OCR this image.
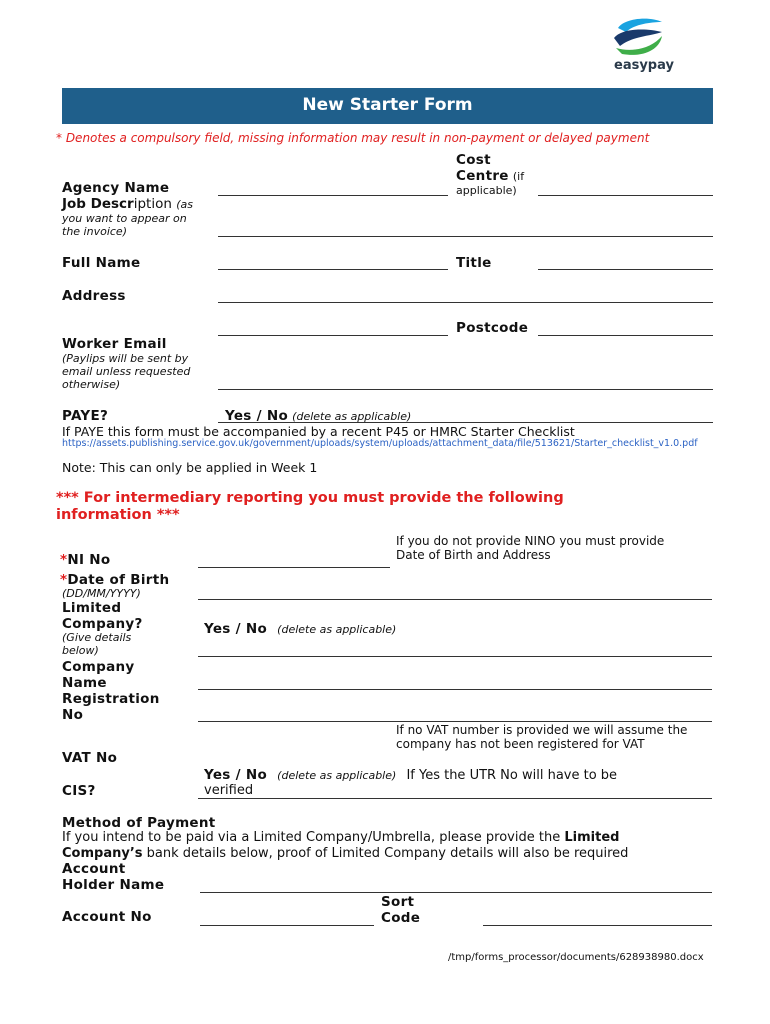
easypay
New Starter Form
* Denotes a compulsory field, missing information may result in non-payment or delayed payment
Agency Name
Job Description (as
you want to appear on the invoice)
Cost
Centre (if
applicable)
Full Name	Title
Address
Postcode
Worker Email
(Paylips will be sent by email unless requested otherwise)
PAYE?	Yes / No (delete as applicable)
If PAYE this form must be accompanied by a recent P45 or HMRC Starter Checklist
https://assets.publishing.service.gov.uk/government/uploads/system/uploads/attachment_data/file/513621/Starter_checklist_v1.0.pdf
Note: This can only be applied in Week 1
*** For intermediary reporting you must provide the following information ***
If you do not provide NINO you must provide Date of Birth and Address
*NI No
*Date of Birth
(DD/MM/YYYY)
Limited Company?
(Give details below)
Yes / No (delete as applicable)
Company Name
Registration No
If no VAT number is provided we will assume the company has not been registered for VAT
VAT No
Yes / No (delete as applicable) If Yes the UTR No will have to be
verified
CIS?
Method of Payment
If you intend to be paid via a Limited Company/Umbrella, please provide the Limited
Company’s bank details below, proof of Limited Company details will also be required
Account Holder Name
Account No
Sort Code
/tmp/forms_processor/documents/628938980.docx
